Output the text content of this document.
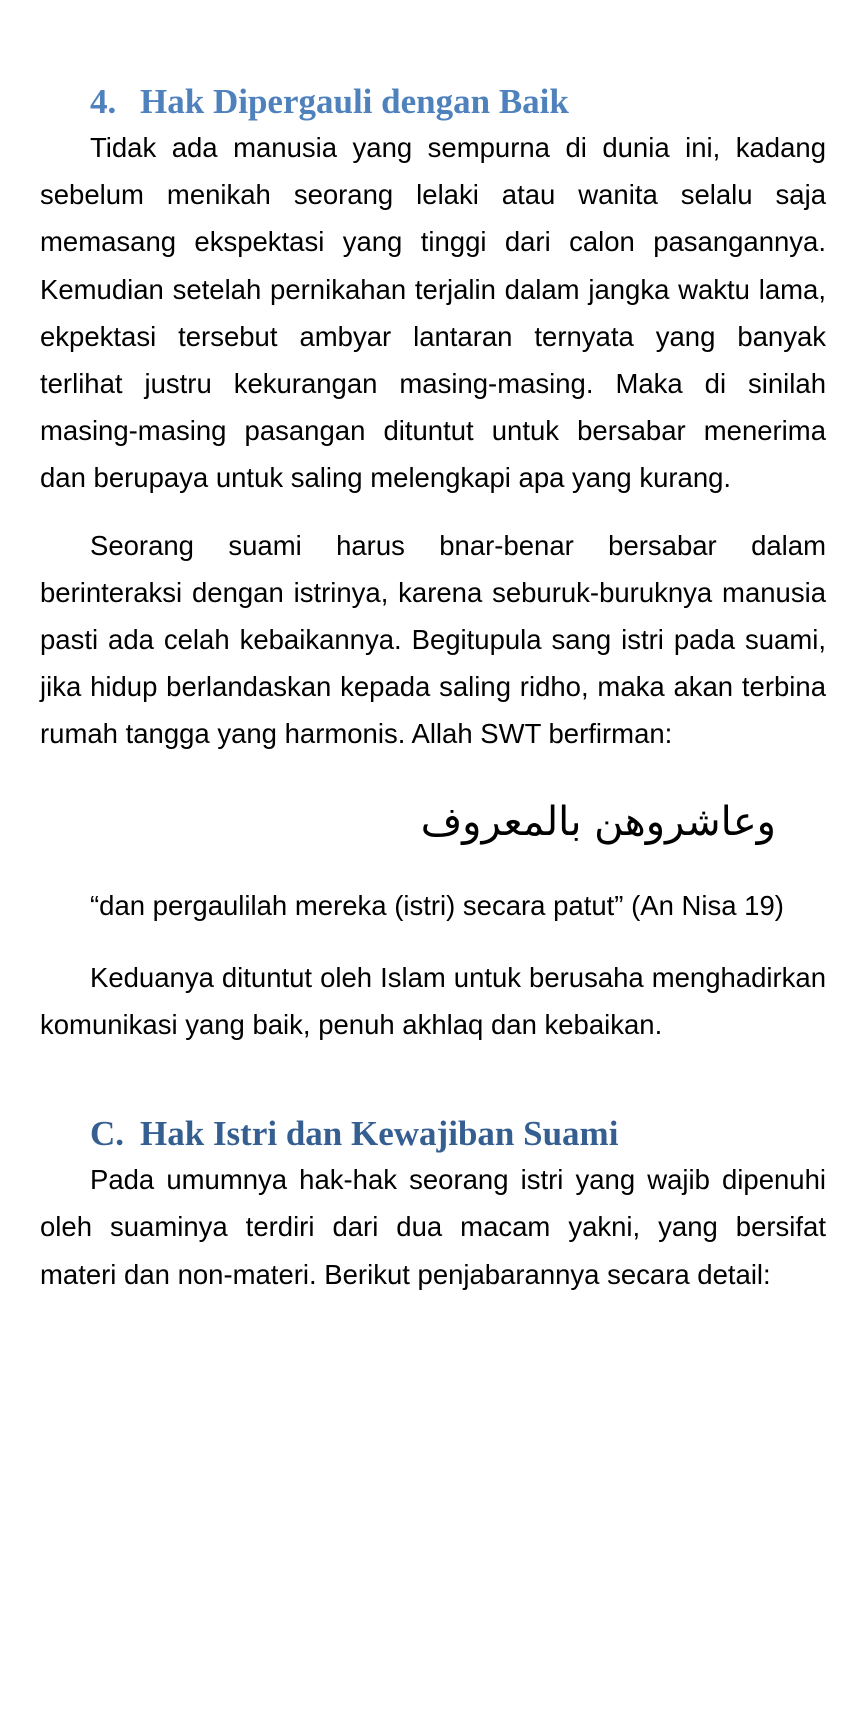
4. Hak Dipergauli dengan Baik

Tidak ada manusia yang sempurna di dunia ini, kadang sebelum menikah seorang lelaki atau wanita selalu saja memasang ekspektasi yang tinggi dari calon pasangannya. Kemudian setelah pernikahan terjalin dalam jangka waktu lama, ekpektasi tersebut ambyar lantaran ternyata yang banyak terlihat justru kekurangan masing-masing. Maka di sinilah masing-masing pasangan dituntut untuk bersabar menerima dan berupaya untuk saling melengkapi apa yang kurang.

Seorang suami harus bnar-benar bersabar dalam berinteraksi dengan istrinya, karena seburuk-buruknya manusia pasti ada celah kebaikannya. Begitupula sang istri pada suami, jika hidup berlandaskan kepada saling ridho, maka akan terbina rumah tangga yang harmonis. Allah SWT berfirman:

وعاشروهن بالمعروف

“dan pergaulilah mereka (istri) secara patut” (An Nisa 19)

Keduanya dituntut oleh Islam untuk berusaha menghadirkan komunikasi yang baik, penuh akhlaq dan kebaikan.

C. Hak Istri dan Kewajiban Suami

Pada umumnya hak-hak seorang istri yang wajib dipenuhi oleh suaminya terdiri dari dua macam yakni, yang bersifat materi dan non-materi. Berikut penjabarannya secara detail:
